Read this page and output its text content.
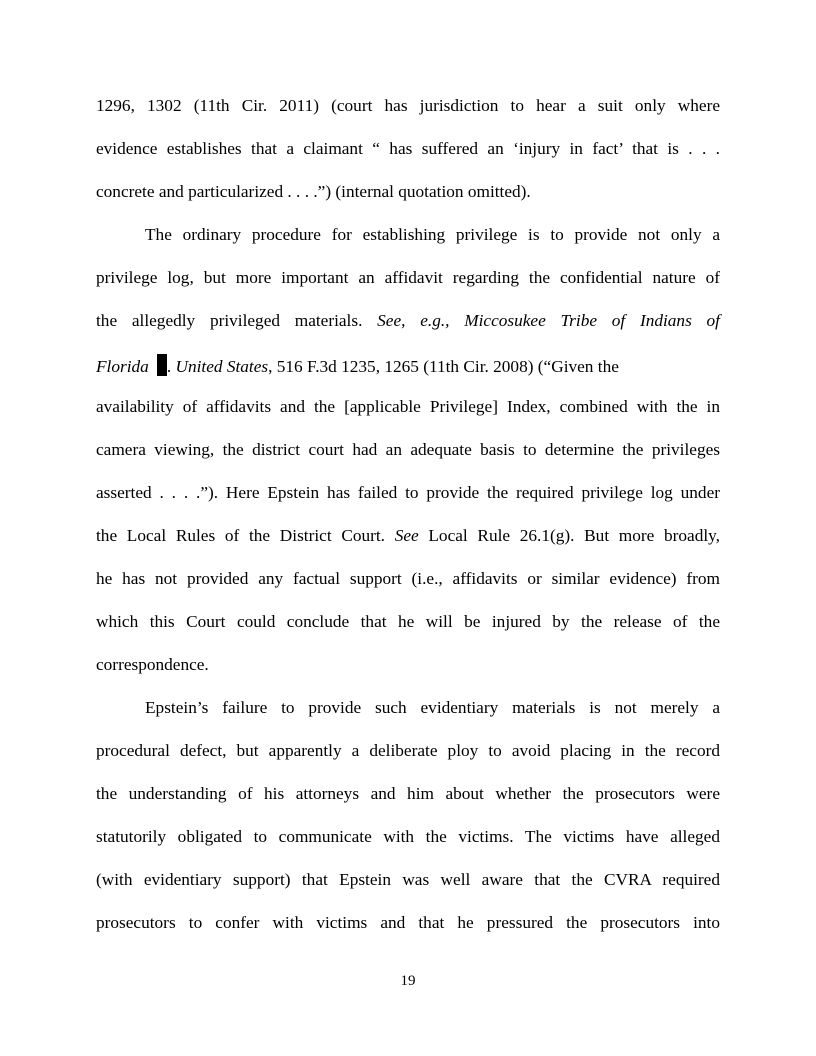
1296, 1302 (11th Cir. 2011) (court has jurisdiction to hear a suit only where
evidence establishes that a claimant “ has suffered an ‘injury in fact’ that is . . .
concrete and particularized . . . .”) (internal quotation omitted).
The ordinary procedure for establishing privilege is to provide not only a
privilege log, but more important an affidavit regarding the confidential nature of
the allegedly privileged materials. See, e.g., Miccosukee Tribe of Indians of
Florida . United States, 516 F.3d 1235, 1265 (11th Cir. 2008) (“Given the
availability of affidavits and the [applicable Privilege] Index, combined with the in
camera viewing, the district court had an adequate basis to determine the privileges
asserted . . . .”). Here Epstein has failed to provide the required privilege log under
the Local Rules of the District Court. See Local Rule 26.1(g). But more broadly,
he has not provided any factual support (i.e., affidavits or similar evidence) from
which this Court could conclude that he will be injured by the release of the
correspondence.
Epstein’s failure to provide such evidentiary materials is not merely a
procedural defect, but apparently a deliberate ploy to avoid placing in the record
the understanding of his attorneys and him about whether the prosecutors were
statutorily obligated to communicate with the victims. The victims have alleged
(with evidentiary support) that Epstein was well aware that the CVRA required
prosecutors to confer with victims and that he pressured the prosecutors into
19
